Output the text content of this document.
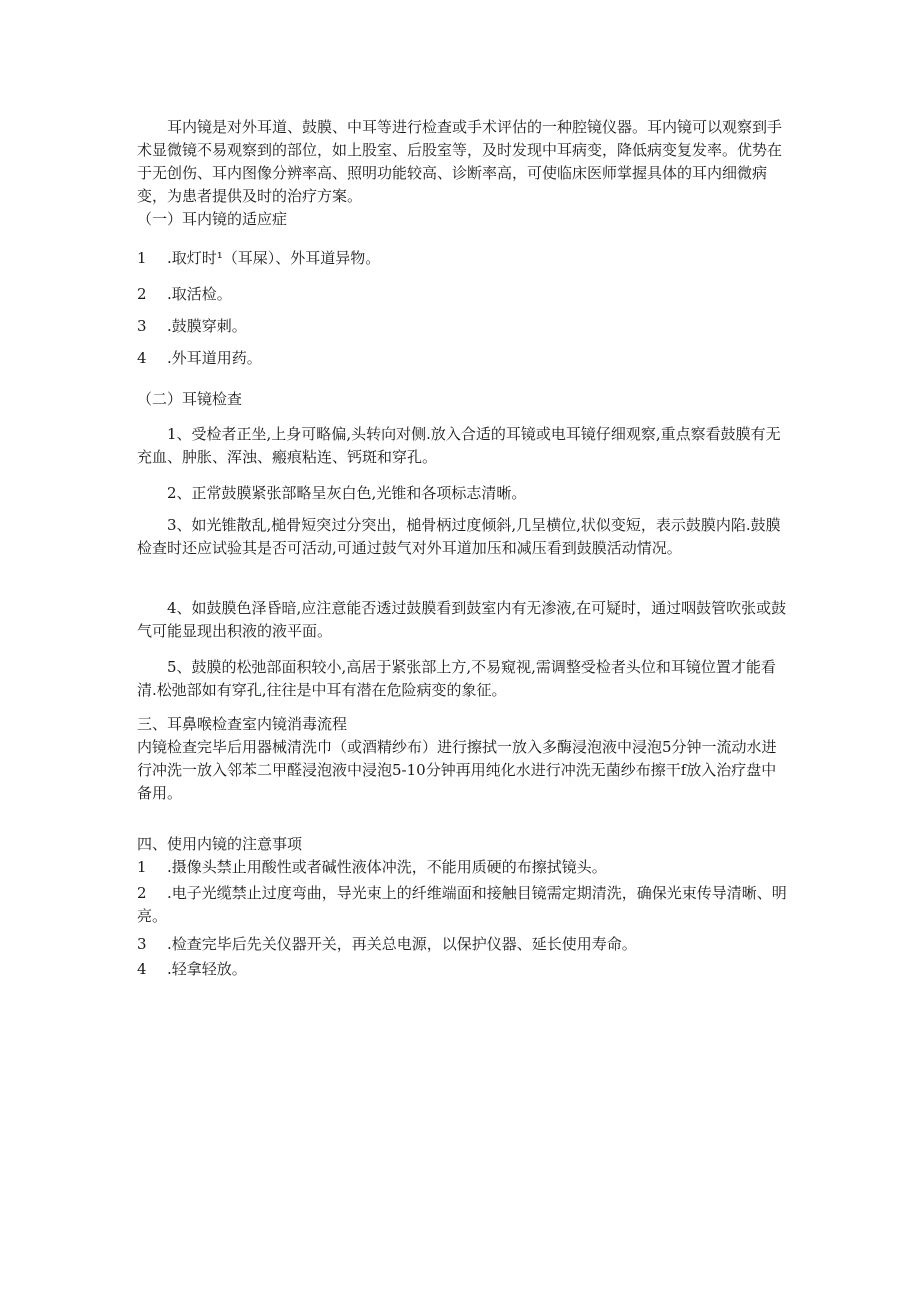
耳内镜是对外耳道、鼓膜、中耳等进行检查或手术评估的一种腔镜仪器。耳内镜可以观察到手术显微镜不易观察到的部位，如上股室、后股室等，及时发现中耳病变，降低病变复发率。优势在于无创伤、耳内图像分辨率高、照明功能较高、诊断率高，可使临床医师掌握具体的耳内细微病变，为患者提供及时的治疗方案。

（一）耳内镜的适应症

1 .取灯时¹（耳屎）、外耳道异物。

2 .取活检。

3 .鼓膜穿刺。

4 .外耳道用药。

（二）耳镜检查

1、受检者正坐,上身可略偏,头转向对侧.放入合适的耳镜或电耳镜仔细观察,重点察看鼓膜有无充血、肿胀、浑浊、瘢痕粘连、钙斑和穿孔。

2、正常鼓膜紧张部略呈灰白色,光锥和各项标志清晰。

3、如光锥散乱,槌骨短突过分突出，槌骨柄过度倾斜,几呈横位,状似变短，表示鼓膜内陷.鼓膜检查时还应试验其是否可活动,可通过鼓气对外耳道加压和减压看到鼓膜活动情况。

4、如鼓膜色泽昏暗,应注意能否透过鼓膜看到鼓室内有无渗液,在可疑时，通过咽鼓管吹张或鼓气可能显现出积液的液平面。

5、鼓膜的松弛部面积较小,高居于紧张部上方,不易窥视,需调整受检者头位和耳镜位置才能看清.松弛部如有穿孔,往往是中耳有潜在危险病变的象征。

三、耳鼻喉检查室内镜消毒流程

内镜检查完毕后用器械清洗巾（或酒精纱布）进行擦拭一放入多酶浸泡液中浸泡5分钟一流动水进行冲洗一放入邻苯二甲醛浸泡液中浸泡5-10分钟再用纯化水进行冲洗无菌纱布擦干f放入治疗盘中备用。

四、使用内镜的注意事项

1 .摄像头禁止用酸性或者碱性液体冲洗，不能用质硬的布擦拭镜头。

2 .电子光缆禁止过度弯曲，导光束上的纤维端面和接触目镜需定期清洗，确保光束传导清晰、明亮。

3 .检查完毕后先关仪器开关，再关总电源，以保护仪器、延长使用寿命。

4 .轻拿轻放。
